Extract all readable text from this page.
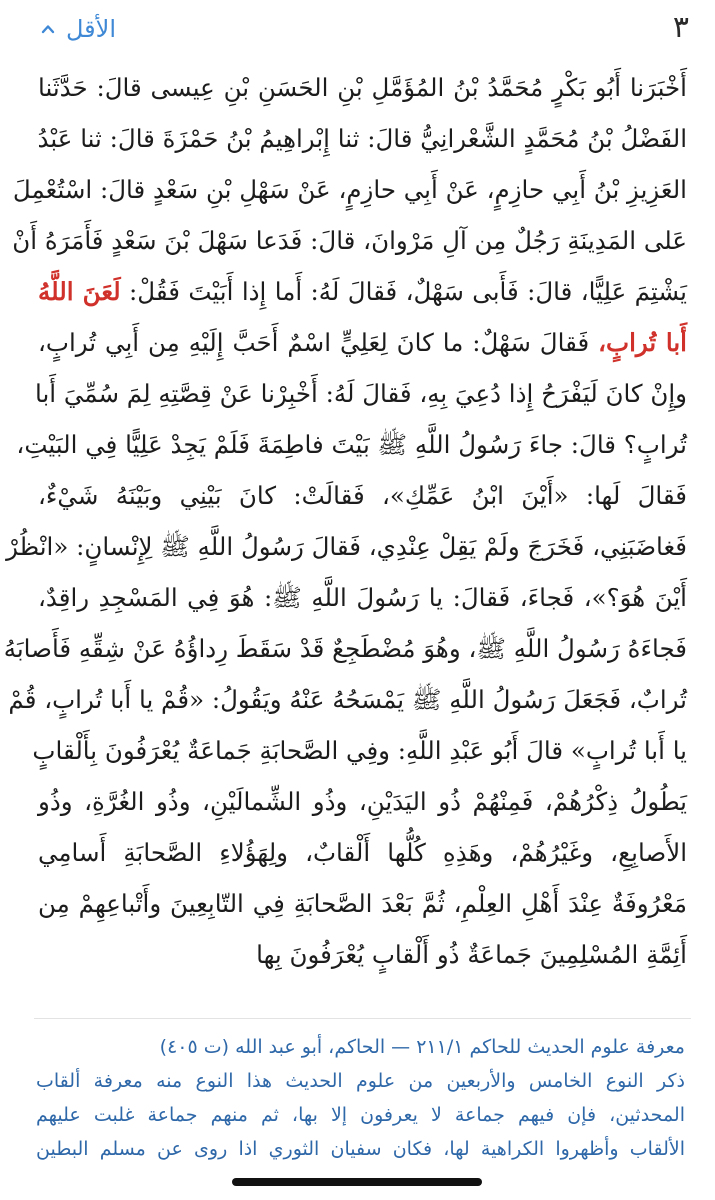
٣
الأقل
أَخْبَرَنا أَبُو بَكْرٍ مُحَمَّدُ بْنُ المُؤَمَّلِ بْنِ الحَسَنِ بْنِ عِيسى قالَ: حَدَّثَنا
الفَضْلُ بْنُ مُحَمَّدٍ الشَّعْرانِيُّ قالَ: ثنا إِبْراهِيمُ بْنُ حَمْزَةَ قالَ: ثنا عَبْدُ
العَزِيزِ بْنُ أَبِي حازِمٍ، عَنْ أَبِي حازِمٍ، عَنْ سَهْلِ بْنِ سَعْدٍ قالَ: اسْتُعْمِلَ
عَلى المَدِينَةِ رَجُلٌ مِن آلِ مَرْوانَ، قالَ: فَدَعا سَهْلَ بْنَ سَعْدٍ فَأَمَرَهُ أَنْ
يَشْتِمَ عَلِيًّا، قالَ: فَأَبى سَهْلٌ، فَقالَ لَهُ: أَما إِذا أَبَيْتَ فَقُلْ: لَعَنَ اللَّهُ
أَبا تُرابٍ، فَقالَ سَهْلٌ: ما كانَ لِعَلِيٍّ اسْمٌ أَحَبَّ إِلَيْهِ مِن أَبِي تُرابٍ،
وإِنْ كانَ لَيَفْرَحُ إِذا دُعِيَ بِهِ، فَقالَ لَهُ: أَخْبِرْنا عَنْ قِصَّتِهِ لِمَ سُمِّيَ أَبا
تُرابٍ؟ قالَ: جاءَ رَسُولُ اللَّهِ ﷺ بَيْتَ فاطِمَةَ فَلَمْ يَجِدْ عَلِيًّا فِي البَيْتِ،
فَقالَ لَها: «أَيْنَ ابْنُ عَمِّكِ»، فَقالَتْ: كانَ بَيْنِي وبَيْنَهُ شَيْءٌ،
فَغاضَبَنِي، فَخَرَجَ ولَمْ يَقِلْ عِنْدِي، فَقالَ رَسُولُ اللَّهِ ﷺ لِإِنْسانٍ: «انْظُرْ
أَيْنَ هُوَ؟»، فَجاءَ، فَقالَ: يا رَسُولَ اللَّهِ ﷺ: هُوَ فِي المَسْجِدِ راقِدٌ،
فَجاءَهُ رَسُولُ اللَّهِ ﷺ، وهُوَ مُضْطَجِعٌ قَدْ سَقَطَ رِداؤُهُ عَنْ شِقِّهِ فَأَصابَهُ
تُرابٌ، فَجَعَلَ رَسُولُ اللَّهِ ﷺ يَمْسَحُهُ عَنْهُ ويَقُولُ: «قُمْ يا أَبا تُرابٍ، قُمْ
يا أَبا تُرابٍ» قالَ أَبُو عَبْدِ اللَّهِ: وفِي الصَّحابَةِ جَماعَةٌ يُعْرَفُونَ بِأَلْقابٍ
يَطُولُ ذِكْرُهُمْ، فَمِنْهُمْ ذُو اليَدَيْنِ، وذُو الشِّمالَيْنِ، وذُو الغُرَّةِ، وذُو
الأَصابِعِ، وغَيْرُهُمْ، وهَذِهِ كُلُّها أَلْقابٌ، ولِهَؤُلاءِ الصَّحابَةِ أَسامِي
مَعْرُوفَةٌ عِنْدَ أَهْلِ العِلْمِ، ثُمَّ بَعْدَ الصَّحابَةِ فِي التّابِعِينَ وأَتْباعِهِمْ مِن
أَئِمَّةِ المُسْلِمِينَ جَماعَةٌ ذُو أَلْقابٍ يُعْرَفُونَ بِها
معرفة علوم الحديث للحاكم ٢١١/١ — الحاكم، أبو عبد الله (ت ٤٠٥)
ذكر النوع الخامس والأربعين من علوم الحديث هذا النوع منه معرفة ألقاب
المحدثين، فإن فيهم جماعة لا يعرفون إلا بها، ثم منهم جماعة غلبت عليهم
الألقاب وأظهروا الكراهية لها، فكان سفيان الثوري اذا روى عن مسلم البطين
